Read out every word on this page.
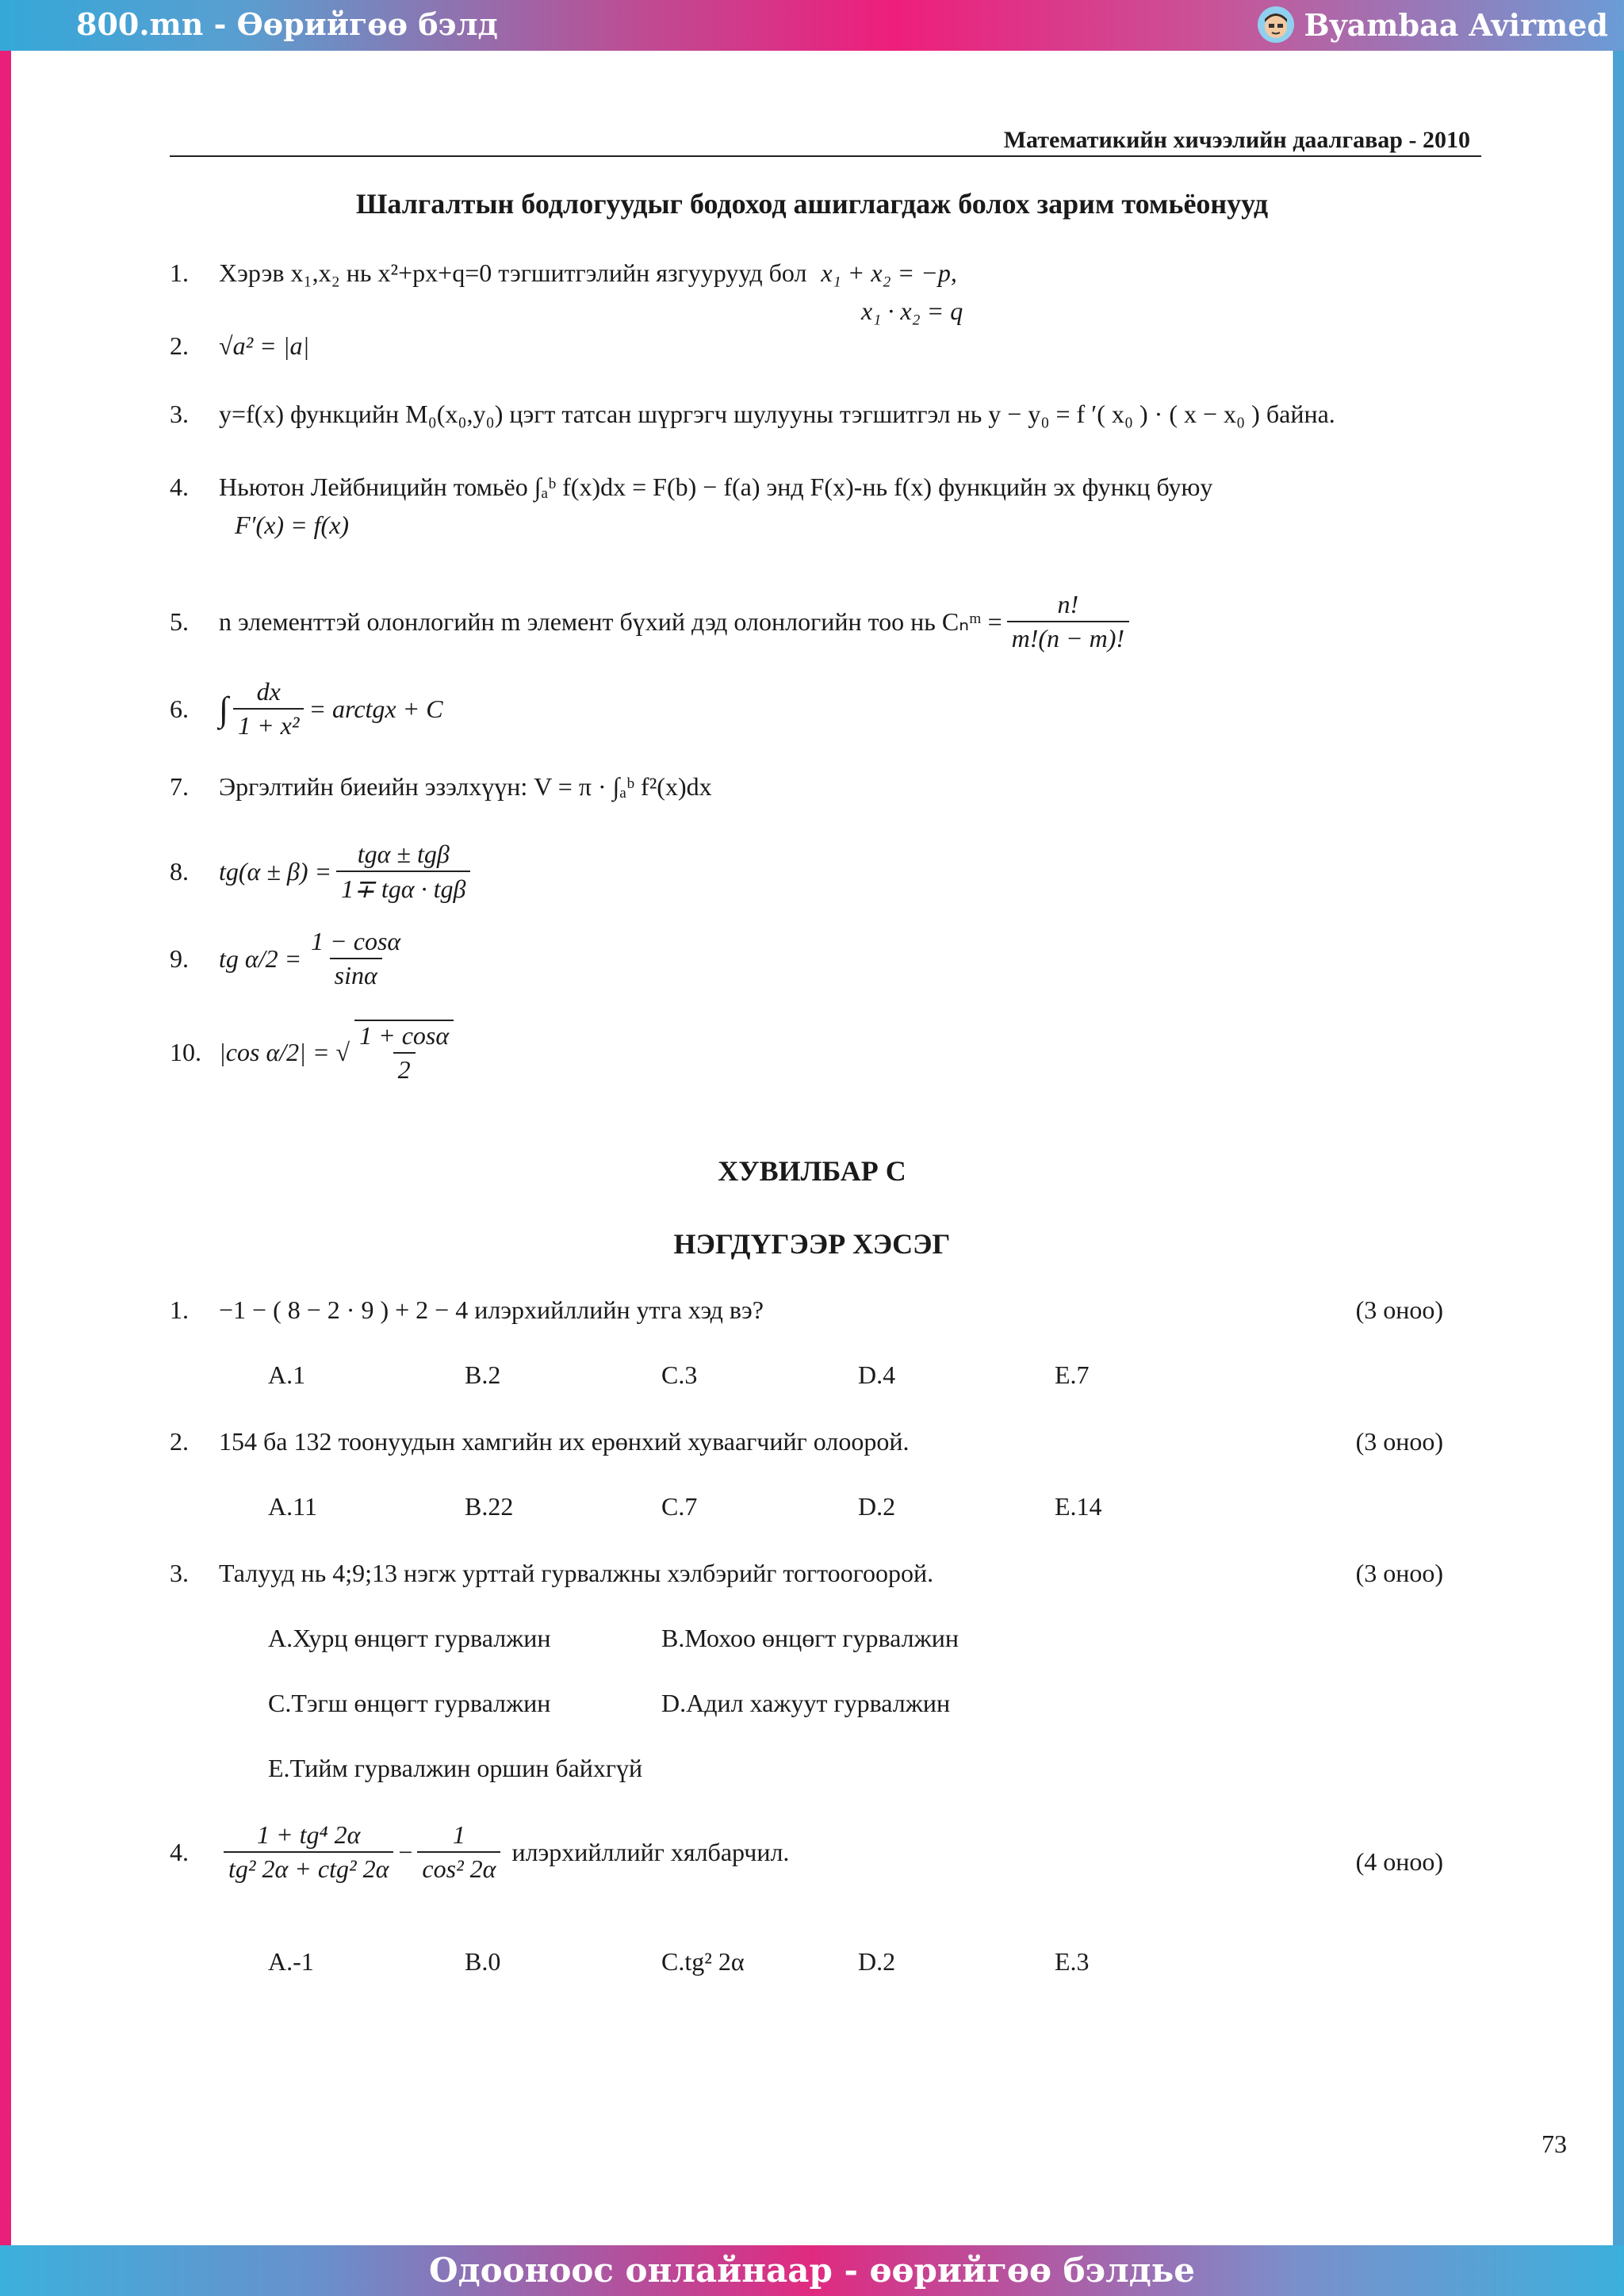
800.mn - Өөрийгөө бэлд	Byambaa Avirmed
Математикийн хичээлийн даалгавар - 2010
Шалгалтын бодлогуудыг бодоход ашиглагдаж болох зарим томьёонууд
1.	Хэрэв x₁,x₂ нь x²+px+q=0 тэгшитгэлийн язгуурууд бол x₁ + x₂ = −p,
x₁ · x₂ = q
2.	√a² = |a|
3.	y=f(x) функцийн M₀(x₀,y₀) цэгт татсан шүргэгч шулууны тэгшитгэл нь y − y₀ = f ′( x₀ ) · ( x − x₀ ) байна.
4.	Ньютон Лейбницийн томьёо ∫ₐᵇ f(x)dx = F(b) − f(a) энд F(x)-нь f(x) функцийн эх функц буюу
F′(x) = f(x)
5.	n элементтэй олонлогийн m элемент бүхий дэд олонлогийн тоо нь Cₙᵐ = $\frac{n!}{m!(n - m)!}$
6. ∫ $\frac{dx}{\text{1 + x²}}$ = arctgx + C
7.	Эргэлтийн биеийн эзэлхүүн: V = π · ∫ₐᵇ f²(x)dx
8.	$tg(\alpha \pm \beta) = \frac{\text{tgα ± tgβ}}{\text{1∓ tgα · tgβ}}$
9.	tg $\alpha/2 = \frac{1 - \cos\alpha}{\sin\alpha}$
10. |cos α/2| = √ $\frac{1 + \cos\alpha}{2}$
ХУВИЛБАР C
НЭГДҮГЭЭР ХЭСЭГ
1.	−1 − ( 8 − 2 · 9 ) + 2 − 4 илэрхийллийн утга хэд вэ?	(3 оноо)
A.1	B.2	C.3	D.4	E.7
2.	154 ба 132 тоонуудын хамгийн их ерөнхий хуваагчийг олоорой.	(3 оноо)
A.11	B.22	C.7	D.2	E.14
3.	Талууд нь 4;9;13 нэгж урттай гурвалжны хэлбэрийг тогтоогоорой.	(3 оноо)
A.Хурц өнцөгт гурвалжин	B.Мохоо өнцөгт гурвалжин
C.Тэгш өнцөгт гурвалжин	D.Адил хажуут гурвалжин
E.Тийм гурвалжин оршин байхгүй
4.	$\frac{\text{1 + tg⁴ 2α}}{\text{tg² 2α + ctg² 2α}} - \frac{1}{\text{cos² 2α}}$ илэрхийллийг хялбарчил.	(4 оноо)
A.-1	B.0	C.tg² 2α	D.2	E.3
73
Одооноос онлайнаар - өөрийгөө бэлдье
